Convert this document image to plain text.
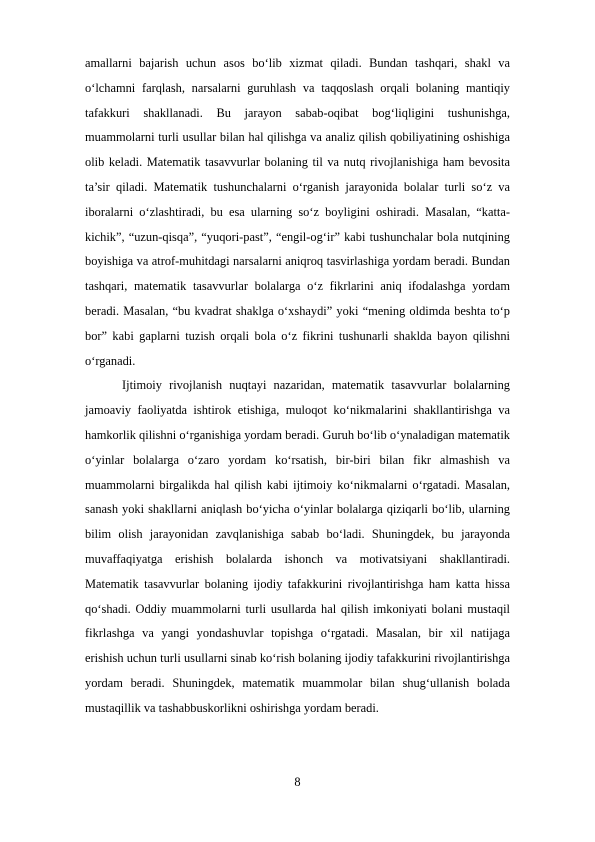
amallarni bajarish uchun asos bo‘lib xizmat qiladi. Bundan tashqari, shakl va o‘lchamni farqlash, narsalarni guruhlash va taqqoslash orqali bolaning mantiqiy tafakkuri shakllanadi. Bu jarayon sabab-oqibat bog‘liqligini tushunishga, muammolarni turli usullar bilan hal qilishga va analiz qilish qobiliyatining oshishiga olib keladi. Matematik tasavvurlar bolaning til va nutq rivojlanishiga ham bevosita ta’sir qiladi. Matematik tushunchalarni o‘rganish jarayonida bolalar turli so‘z va iboralarni o‘zlashtiradi, bu esa ularning so‘z boyligini oshiradi. Masalan, “katta-kichik”, “uzun-qisqa”, “yuqori-past”, “engil-og‘ir” kabi tushunchalar bola nutqining boyishiga va atrof-muhitdagi narsalarni aniqroq tasvirlashiga yordam beradi. Bundan tashqari, matematik tasavvurlar bolalarga o‘z fikrlarini aniq ifodalashga yordam beradi. Masalan, “bu kvadrat shaklga o‘xshaydi” yoki “mening oldimda beshta to‘p bor” kabi gaplarni tuzish orqali bola o‘z fikrini tushunarli shaklda bayon qilishni o‘rganadi.

Ijtimoiy rivojlanish nuqtayi nazaridan, matematik tasavvurlar bolalarning jamoaviy faoliyatda ishtirok etishiga, muloqot ko‘nikmalarini shakllantirishga va hamkorlik qilishni o‘rganishiga yordam beradi. Guruh bo‘lib o‘ynaladigan matematik o‘yinlar bolalarga o‘zaro yordam ko‘rsatish, bir-biri bilan fikr almashish va muammolarni birgalikda hal qilish kabi ijtimoiy ko‘nikmalarni o‘rgatadi. Masalan, sanash yoki shakllarni aniqlash bo‘yicha o‘yinlar bolalarga qiziqarli bo‘lib, ularning bilim olish jarayonidan zavqlanishiga sabab bo‘ladi. Shuningdek, bu jarayonda muvaffaqiyatga erishish bolalarda ishonch va motivatsiyani shakllantiradi. Matematik tasavvurlar bolaning ijodiy tafakkurini rivojlantirishga ham katta hissa qo‘shadi. Oddiy muammolarni turli usullarda hal qilish imkoniyati bolani mustaqil fikrlashga va yangi yondashuvlar topishga o‘rgatadi. Masalan, bir xil natijaga erishish uchun turli usullarni sinab ko‘rish bolaning ijodiy tafakkurini rivojlantirishga yordam beradi. Shuningdek, matematik muammolar bilan shug‘ullanish bolada mustaqillik va tashabbuskorlikni oshirishga yordam beradi.

8
